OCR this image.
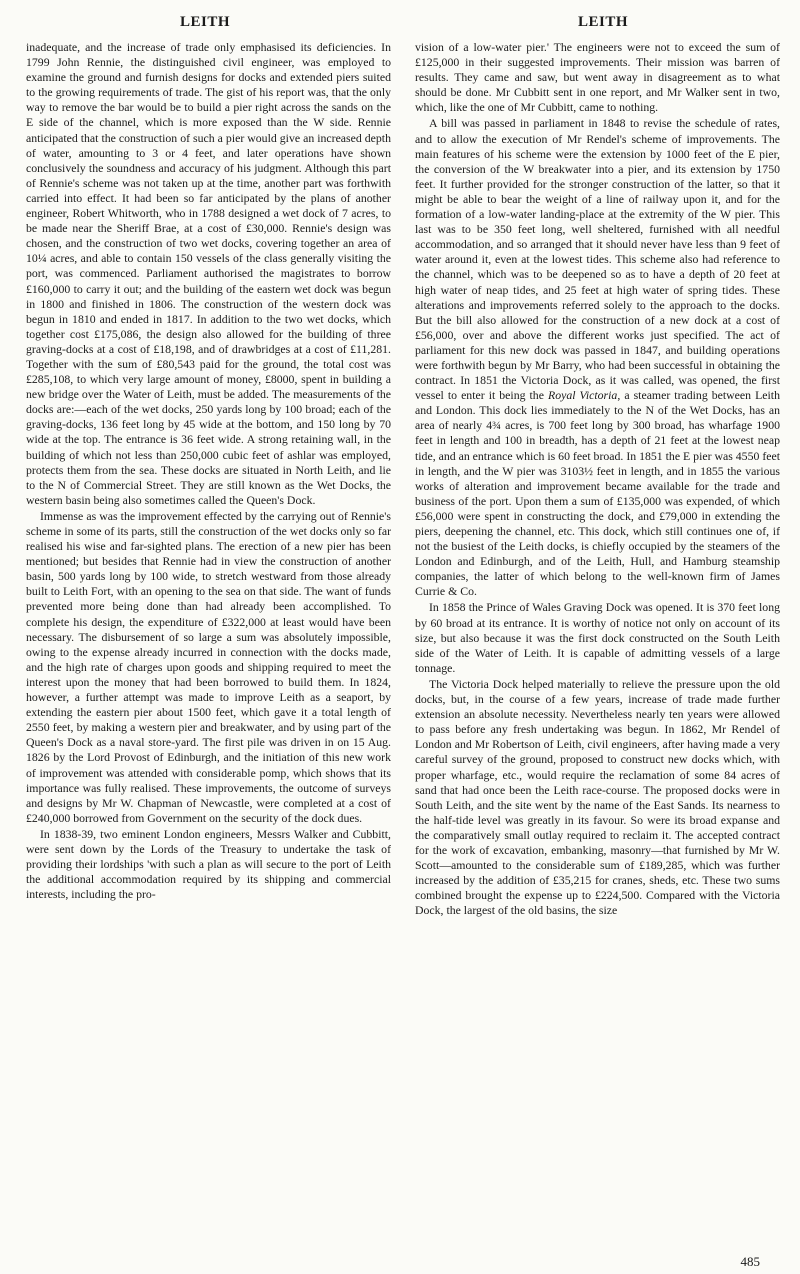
LEITH	LEITH

inadequate, and the increase of trade only emphasised its deficiencies. In 1799 John Rennie, the distinguished civil engineer, was employed to examine the ground and furnish designs for docks and extended piers suited to the growing requirements of trade. The gist of his report was, that the only way to remove the bar would be to build a pier right across the sands on the E side of the channel, which is more exposed than the W side. Rennie anticipated that the construction of such a pier would give an increased depth of water, amounting to 3 or 4 feet, and later operations have shown conclusively the soundness and accuracy of his judgment. Although this part of Rennie's scheme was not taken up at the time, another part was forthwith carried into effect. It had been so far anticipated by the plans of another engineer, Robert Whitworth, who in 1788 designed a wet dock of 7 acres, to be made near the Sheriff Brae, at a cost of £30,000. Rennie's design was chosen, and the construction of two wet docks, covering together an area of 10¼ acres, and able to contain 150 vessels of the class generally visiting the port, was commenced. Parliament authorised the magistrates to borrow £160,000 to carry it out; and the building of the eastern wet dock was begun in 1800 and finished in 1806. The construction of the western dock was begun in 1810 and ended in 1817. In addition to the two wet docks, which together cost £175,086, the design also allowed for the building of three graving-docks at a cost of £18,198, and of drawbridges at a cost of £11,281. Together with the sum of £80,543 paid for the ground, the total cost was £285,108, to which very large amount of money, £8000, spent in building a new bridge over the Water of Leith, must be added. The measurements of the docks are:—each of the wet docks, 250 yards long by 100 broad; each of the graving-docks, 136 feet long by 45 wide at the bottom, and 150 long by 70 wide at the top. The entrance is 36 feet wide. A strong retaining wall, in the building of which not less than 250,000 cubic feet of ashlar was employed, protects them from the sea. These docks are situated in North Leith, and lie to the N of Commercial Street. They are still known as the Wet Docks, the western basin being also sometimes called the Queen's Dock.

Immense as was the improvement effected by the carrying out of Rennie's scheme in some of its parts, still the construction of the wet docks only so far realised his wise and far-sighted plans. The erection of a new pier has been mentioned; but besides that Rennie had in view the construction of another basin, 500 yards long by 100 wide, to stretch westward from those already built to Leith Fort, with an opening to the sea on that side. The want of funds prevented more being done than had already been accomplished. To complete his design, the expenditure of £322,000 at least would have been necessary. The disbursement of so large a sum was absolutely impossible, owing to the expense already incurred in connection with the docks made, and the high rate of charges upon goods and shipping required to meet the interest upon the money that had been borrowed to build them. In 1824, however, a further attempt was made to improve Leith as a seaport, by extending the eastern pier about 1500 feet, which gave it a total length of 2550 feet, by making a western pier and breakwater, and by using part of the Queen's Dock as a naval store-yard. The first pile was driven in on 15 Aug. 1826 by the Lord Provost of Edinburgh, and the initiation of this new work of improvement was attended with considerable pomp, which shows that its importance was fully realised. These improvements, the outcome of surveys and designs by Mr W. Chapman of Newcastle, were completed at a cost of £240,000 borrowed from Government on the security of the dock dues.

In 1838-39, two eminent London engineers, Messrs Walker and Cubbitt, were sent down by the Lords of the Treasury to undertake the task of providing their lordships 'with such a plan as will secure to the port of Leith the additional accommodation required by its shipping and commercial interests, including the pro-

vision of a low-water pier.' The engineers were not to exceed the sum of £125,000 in their suggested improvements. Their mission was barren of results. They came and saw, but went away in disagreement as to what should be done. Mr Cubbitt sent in one report, and Mr Walker sent in two, which, like the one of Mr Cubbitt, came to nothing.

A bill was passed in parliament in 1848 to revise the schedule of rates, and to allow the execution of Mr Rendel's scheme of improvements. The main features of his scheme were the extension by 1000 feet of the E pier, the conversion of the W breakwater into a pier, and its extension by 1750 feet. It further provided for the stronger construction of the latter, so that it might be able to bear the weight of a line of railway upon it, and for the formation of a low-water landing-place at the extremity of the W pier. This last was to be 350 feet long, well sheltered, furnished with all needful accommodation, and so arranged that it should never have less than 9 feet of water around it, even at the lowest tides. This scheme also had reference to the channel, which was to be deepened so as to have a depth of 20 feet at high water of neap tides, and 25 feet at high water of spring tides. These alterations and improvements referred solely to the approach to the docks. But the bill also allowed for the construction of a new dock at a cost of £56,000, over and above the different works just specified. The act of parliament for this new dock was passed in 1847, and building operations were forthwith begun by Mr Barry, who had been successful in obtaining the contract. In 1851 the Victoria Dock, as it was called, was opened, the first vessel to enter it being the Royal Victoria, a steamer trading between Leith and London. This dock lies immediately to the N of the Wet Docks, has an area of nearly 4¾ acres, is 700 feet long by 300 broad, has wharfage 1900 feet in length and 100 in breadth, has a depth of 21 feet at the lowest neap tide, and an entrance which is 60 feet broad. In 1851 the E pier was 4550 feet in length, and the W pier was 3103½ feet in length, and in 1855 the various works of alteration and improvement became available for the trade and business of the port. Upon them a sum of £135,000 was expended, of which £56,000 were spent in constructing the dock, and £79,000 in extending the piers, deepening the channel, etc. This dock, which still continues one of, if not the busiest of the Leith docks, is chiefly occupied by the steamers of the London and Edinburgh, and of the Leith, Hull, and Hamburg steamship companies, the latter of which belong to the well-known firm of James Currie & Co.

In 1858 the Prince of Wales Graving Dock was opened. It is 370 feet long by 60 broad at its entrance. It is worthy of notice not only on account of its size, but also because it was the first dock constructed on the South Leith side of the Water of Leith. It is capable of admitting vessels of a large tonnage.

The Victoria Dock helped materially to relieve the pressure upon the old docks, but, in the course of a few years, increase of trade made further extension an absolute necessity. Nevertheless nearly ten years were allowed to pass before any fresh undertaking was begun. In 1862, Mr Rendel of London and Mr Robertson of Leith, civil engineers, after having made a very careful survey of the ground, proposed to construct new docks which, with proper wharfage, etc., would require the reclamation of some 84 acres of sand that had once been the Leith race-course. The proposed docks were in South Leith, and the site went by the name of the East Sands. Its nearness to the half-tide level was greatly in its favour. So were its broad expanse and the comparatively small outlay required to reclaim it. The accepted contract for the work of excavation, embanking, masonry—that furnished by Mr W. Scott—amounted to the considerable sum of £189,285, which was further increased by the addition of £35,215 for cranes, sheds, etc. These two sums combined brought the expense up to £224,500. Compared with the Victoria Dock, the largest of the old basins, the size

485
